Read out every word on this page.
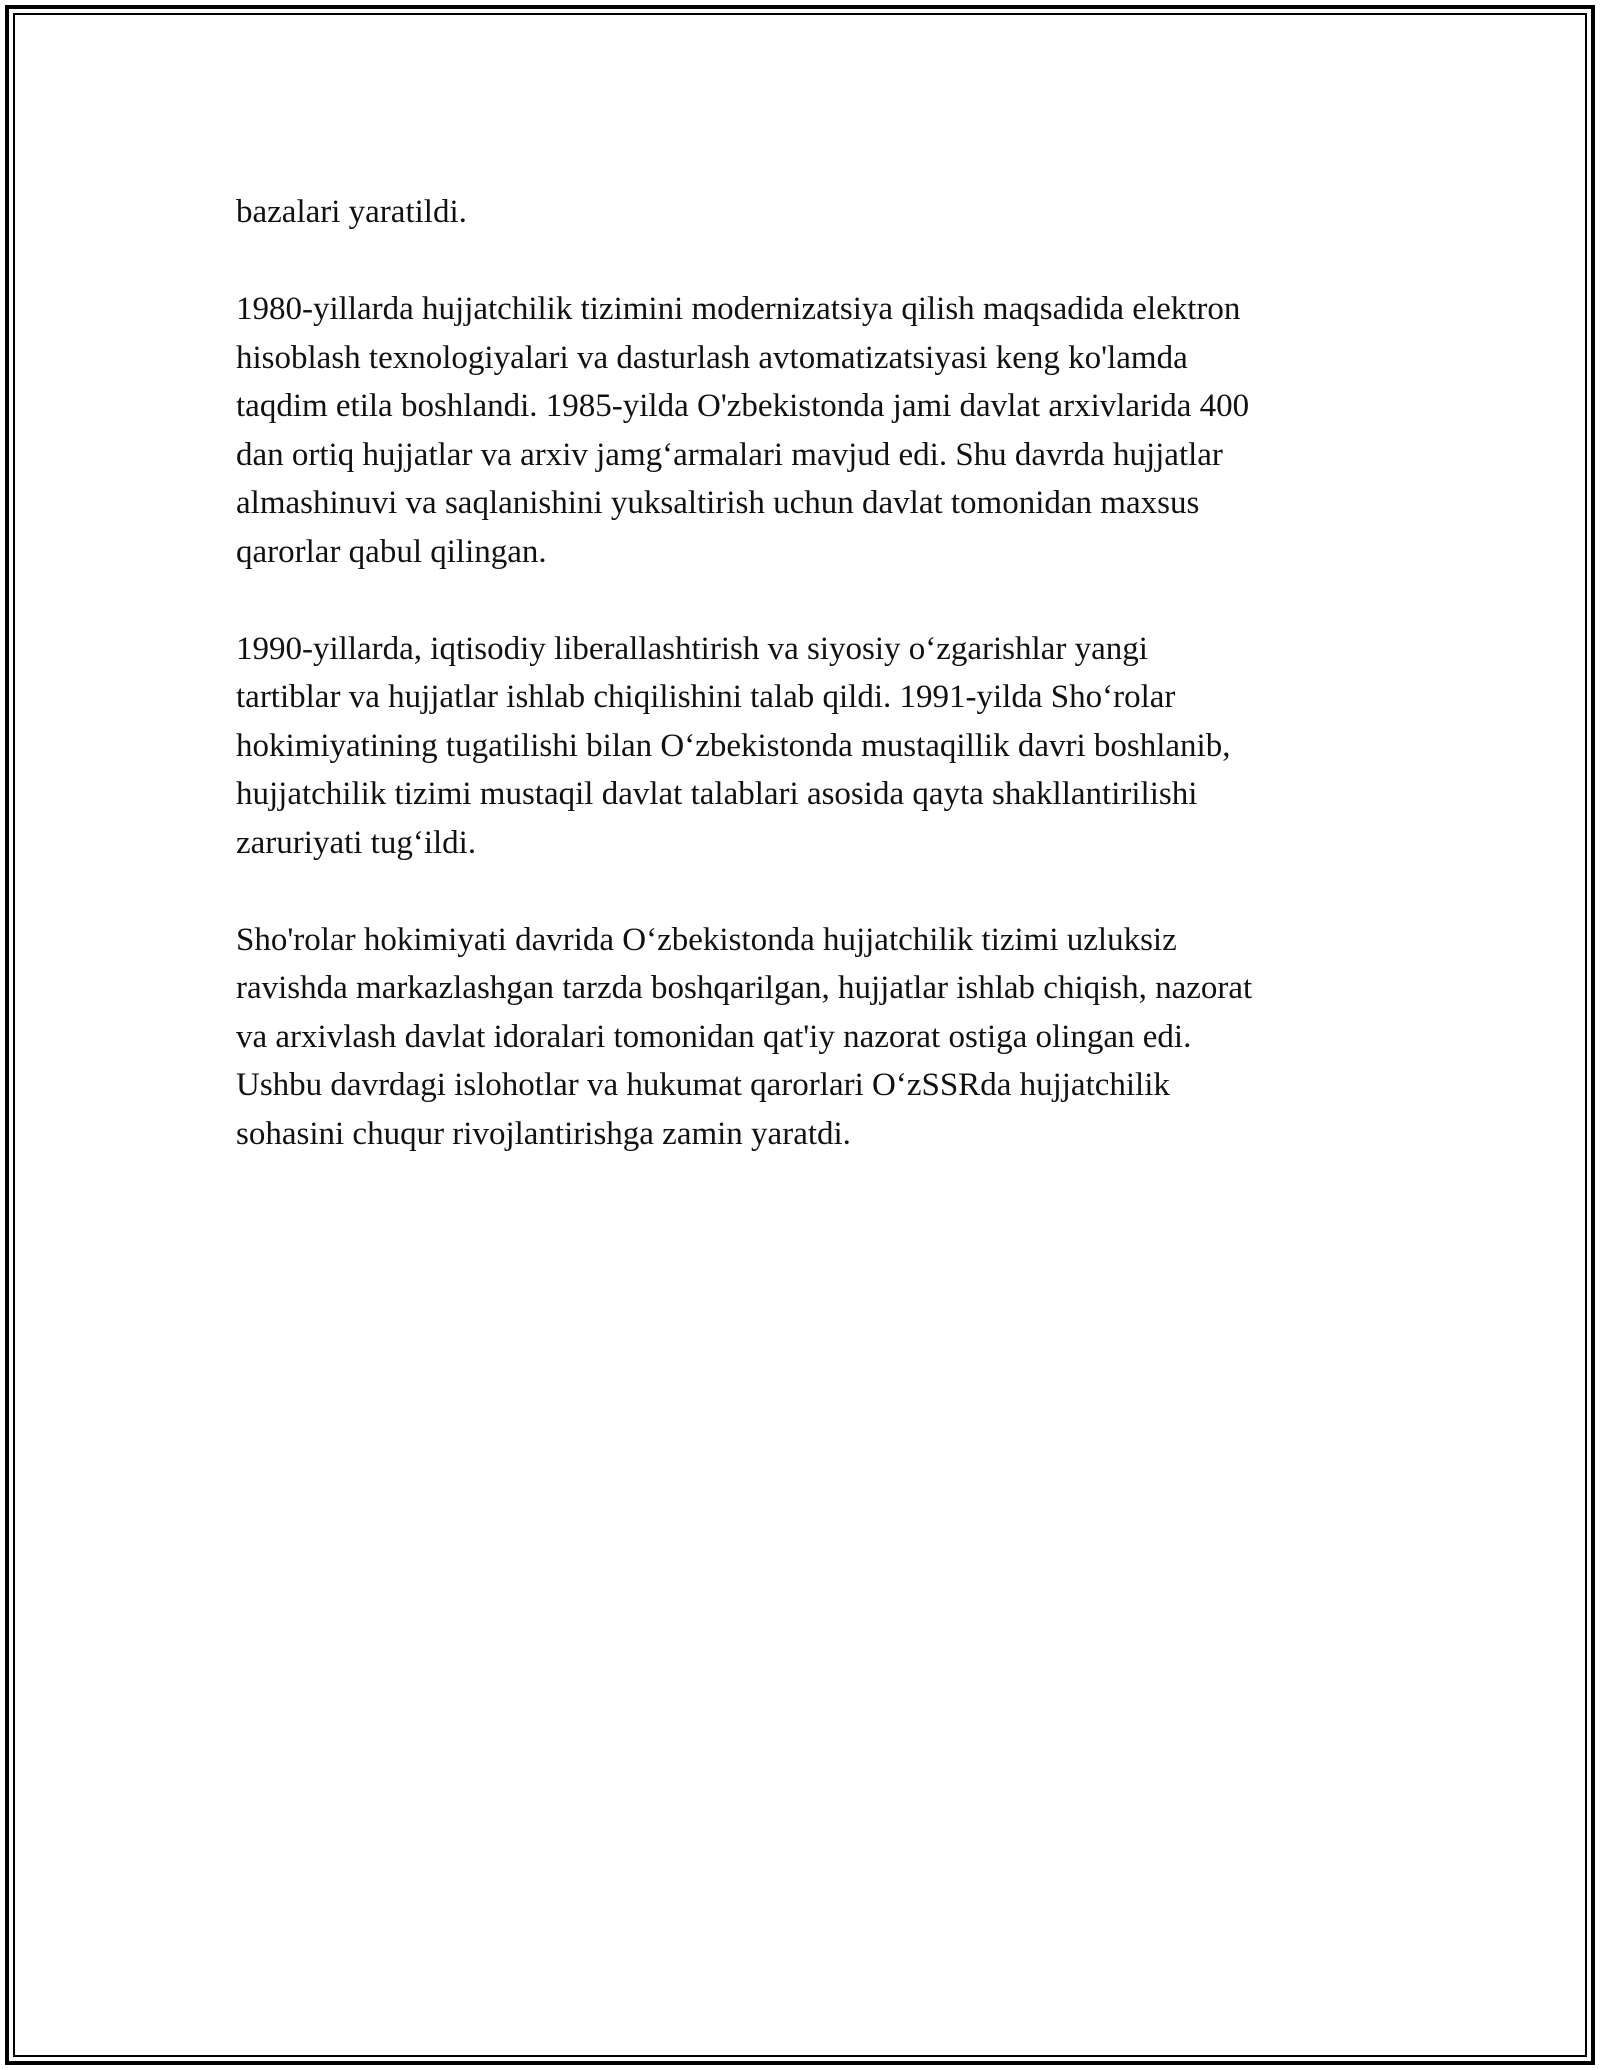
bazalari yaratildi.

1980-yillarda hujjatchilik tizimini modernizatsiya qilish maqsadida elektron
hisoblash texnologiyalari va dasturlash avtomatizatsiyasi keng ko'lamda
taqdim etila boshlandi. 1985-yilda O'zbekistonda jami davlat arxivlarida 400
dan ortiq hujjatlar va arxiv jamg‘armalari mavjud edi. Shu davrda hujjatlar
almashinuvi va saqlanishini yuksaltirish uchun davlat tomonidan maxsus
qarorlar qabul qilingan.

1990-yillarda, iqtisodiy liberallashtirish va siyosiy o‘zgarishlar yangi
tartiblar va hujjatlar ishlab chiqilishini talab qildi. 1991-yilda Sho‘rolar
hokimiyatining tugatilishi bilan O‘zbekistonda mustaqillik davri boshlanib,
hujjatchilik tizimi mustaqil davlat talablari asosida qayta shakllantirilishi
zaruriyati tug‘ildi.

Sho'rolar hokimiyati davrida O‘zbekistonda hujjatchilik tizimi uzluksiz
ravishda markazlashgan tarzda boshqarilgan, hujjatlar ishlab chiqish, nazorat
va arxivlash davlat idoralari tomonidan qat'iy nazorat ostiga olingan edi.
Ushbu davrdagi islohotlar va hukumat qarorlari O‘zSSRda hujjatchilik
sohasini chuqur rivojlantirishga zamin yaratdi.
